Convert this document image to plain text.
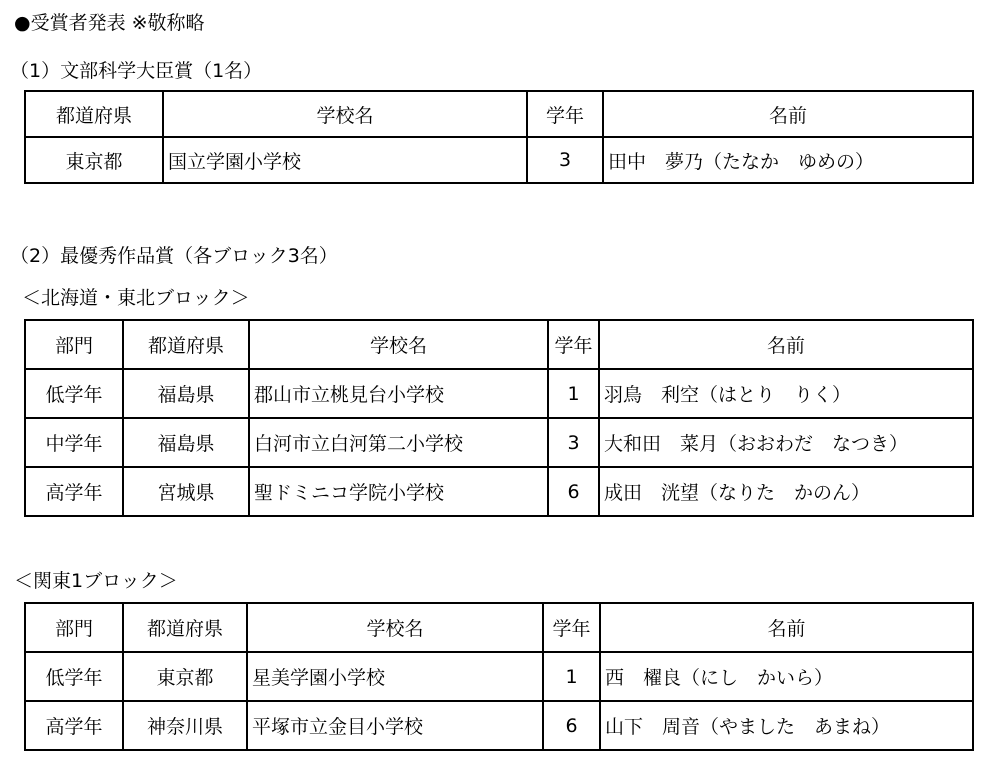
●受賞者発表 ※敬称略
（1）文部科学大臣賞（1名）
都道府県	学校名	学年	名前
東京都	国立学園小学校	3	田中　夢乃（たなか　ゆめの）
（2）最優秀作品賞（各ブロック3名）
＜北海道・東北ブロック＞
部門	都道府県	学校名	学年	名前
低学年	福島県	郡山市立桃見台小学校	1	羽鳥　利空（はとり　りく）
中学年	福島県	白河市立白河第二小学校	3	大和田　菜月（おおわだ　なつき）
高学年	宮城県	聖ドミニコ学院小学校	6	成田　洸望（なりた　かのん）
＜関東1ブロック＞
部門	都道府県	学校名	学年	名前
低学年	東京都	星美学園小学校	1	西　櫂良（にし　かいら）
高学年	神奈川県	平塚市立金目小学校	6	山下　周音（やました　あまね）
